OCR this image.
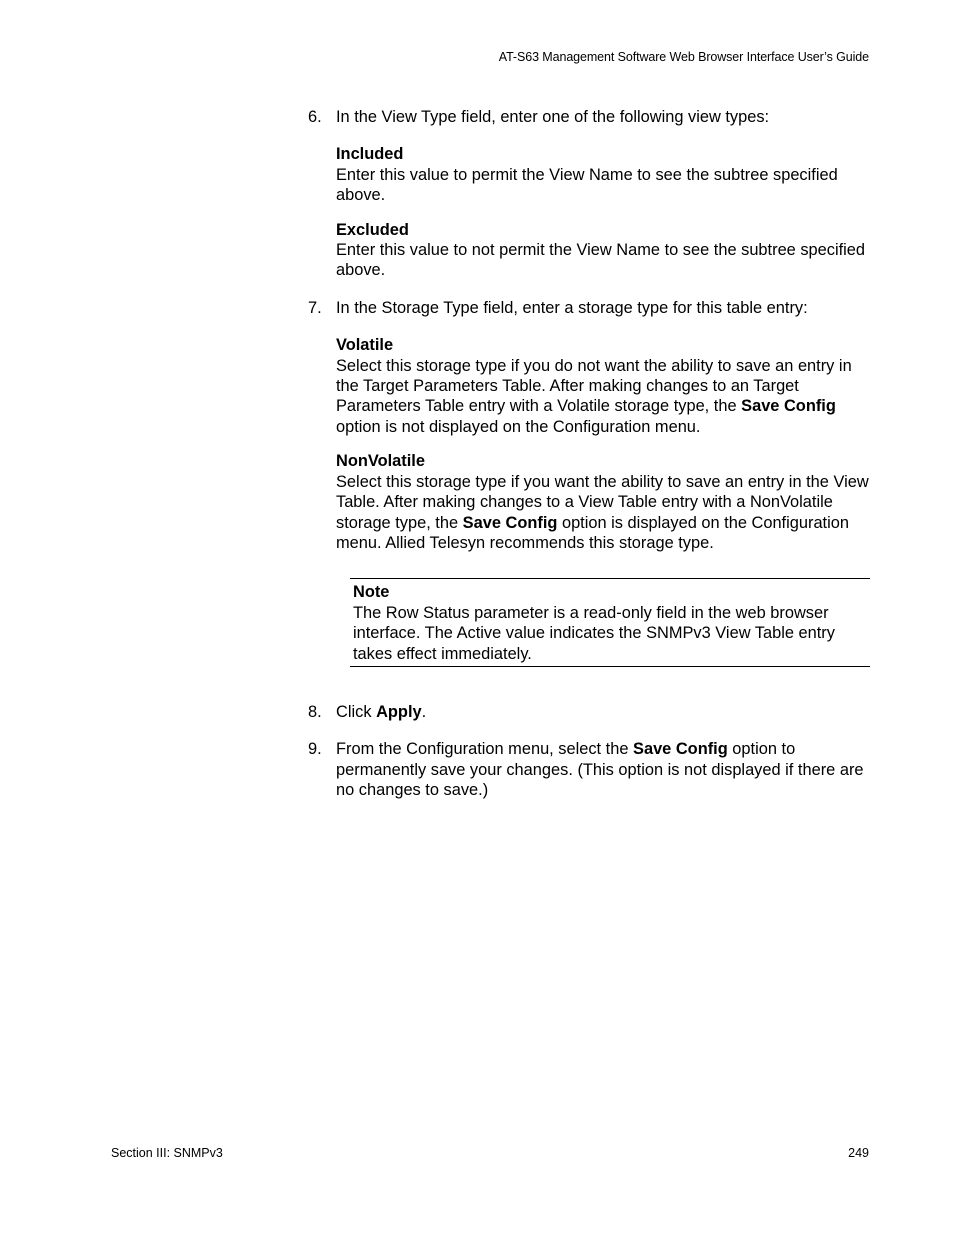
AT-S63 Management Software Web Browser Interface User’s Guide
6. In the View Type field, enter one of the following view types:
Included
Enter this value to permit the View Name to see the subtree specified above.
Excluded
Enter this value to not permit the View Name to see the subtree specified above.
7. In the Storage Type field, enter a storage type for this table entry:
Volatile
Select this storage type if you do not want the ability to save an entry in the Target Parameters Table. After making changes to an Target Parameters Table entry with a Volatile storage type, the Save Config option is not displayed on the Configuration menu.
NonVolatile
Select this storage type if you want the ability to save an entry in the View Table. After making changes to a View Table entry with a NonVolatile storage type, the Save Config option is displayed on the Configuration menu. Allied Telesyn recommends this storage type.
Note
The Row Status parameter is a read-only field in the web browser interface. The Active value indicates the SNMPv3 View Table entry takes effect immediately.
8. Click Apply.
9. From the Configuration menu, select the Save Config option to permanently save your changes. (This option is not displayed if there are no changes to save.)
Section III: SNMPv3	249
